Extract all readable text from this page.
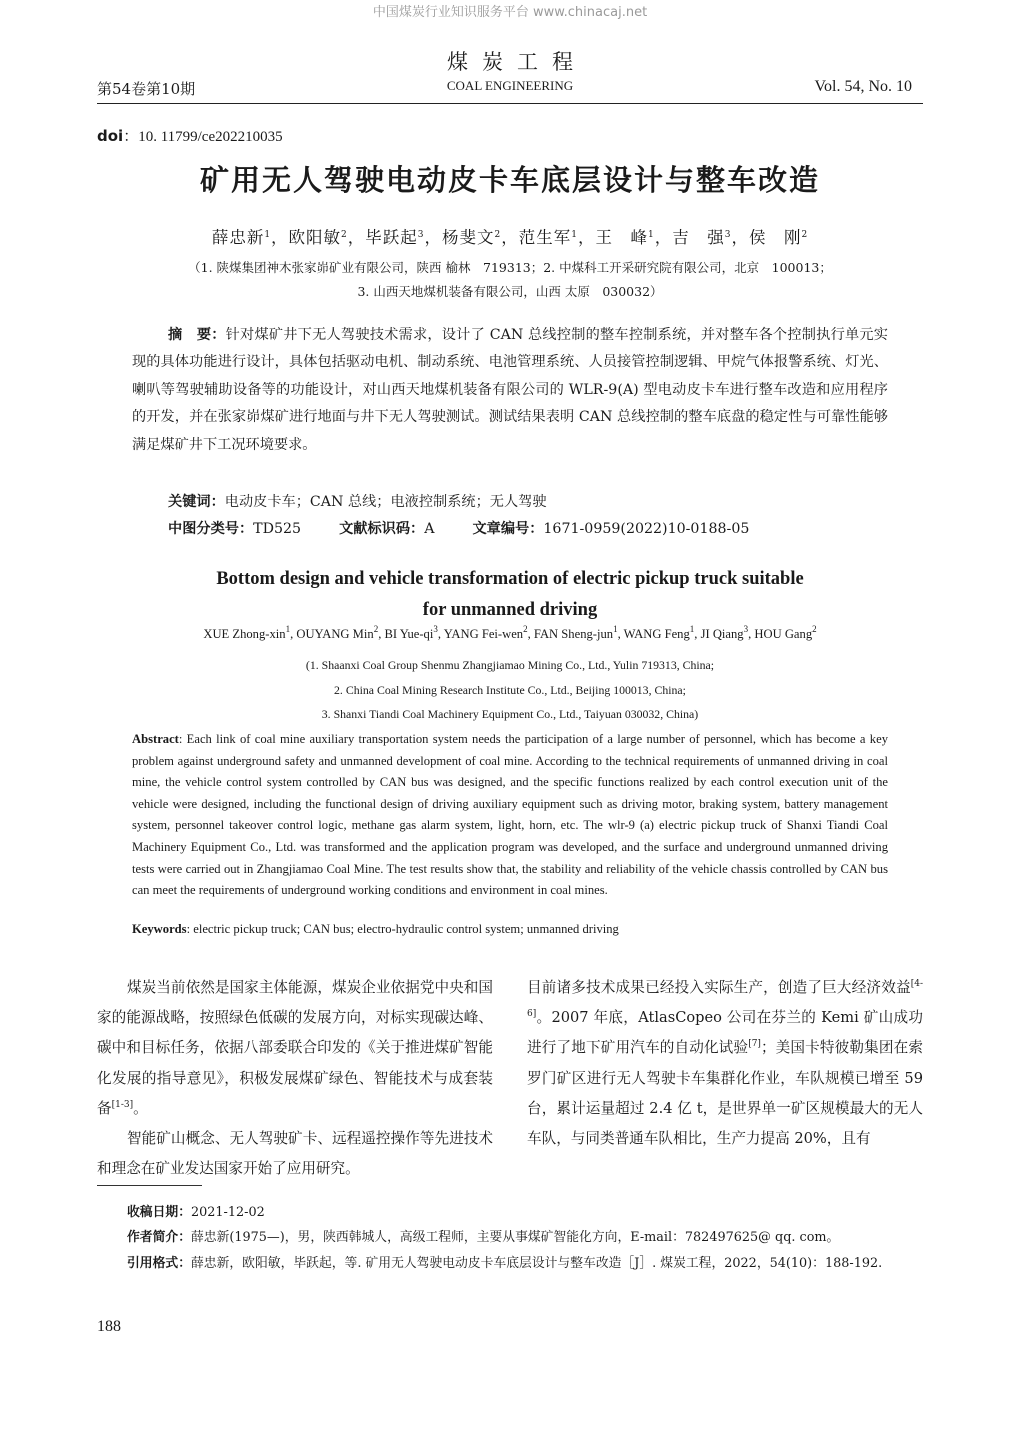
中国煤炭行业知识服务平台 www.chinacaj.net
煤炭工程
COAL ENGINEERING
第54卷第10期	Vol. 54, No. 10
doi：10. 11799/ce202210035
矿用无人驾驶电动皮卡车底层设计与整车改造
薛忠新$^1$，欧阳敏$^2$，毕跃起$^3$，杨斐文$^2$，范生军$^1$，王　峰$^1$，吉　强$^3$，侯　刚$^2$
（1. 陕煤集团神木张家峁矿业有限公司，陕西 榆林　719313；2. 中煤科工开采研究院有限公司，北京　100013；
3. 山西天地煤机装备有限公司，山西 太原　030032）
摘　要：针对煤矿井下无人驾驶技术需求，设计了 CAN 总线控制的整车控制系统，并对整车各个控制执行单元实现的具体功能进行设计，具体包括驱动电机、制动系统、电池管理系统、人员接管控制逻辑、甲烷气体报警系统、灯光、喇叭等驾驶辅助设备等的功能设计，对山西天地煤机装备有限公司的 WLR-9(A) 型电动皮卡车进行整车改造和应用程序的开发，并在张家峁煤矿进行地面与井下无人驾驶测试。测试结果表明 CAN 总线控制的整车底盘的稳定性与可靠性能够满足煤矿井下工况环境要求。
关键词：电动皮卡车；CAN 总线；电液控制系统；无人驾驶
中图分类号：TD525	文献标识码：A	文章编号：1671-0959(2022)10-0188-05
Bottom design and vehicle transformation of electric pickup truck suitable
for unmanned driving
XUE Zhong-xin$^1$, OUYANG Min$^2$, BI Yue-$qi^3$, YANG Fei-wen$^2$, FAN Sheng-jun$^1$, WANG Feng$^1$, JI Qiang$^3$, HOU Gang$^2$
(1. Shaanxi Coal Group Shenmu Zhangjiamao Mining Co., Ltd., Yulin 719313, China;
2. China Coal Mining Research Institute Co., Ltd., Beijing 100013, China;
3. Shanxi Tiandi Coal Machinery Equipment Co., Ltd., Taiyuan 030032, China)
Abstract: Each link of coal mine auxiliary transportation system needs the participation of a large number of personnel, which has become a key problem against underground safety and unmanned development of coal mine. According to the technical requirements of unmanned driving in coal mine, the vehicle control system controlled by CAN bus was designed, and the specific functions realized by each control execution unit of the vehicle were designed, including the functional design of driving auxiliary equipment such as driving motor, braking system, battery management system, personnel takeover control logic, methane gas alarm system, light, horn, etc. The wlr-9 (a) electric pickup truck of Shanxi Tiandi Coal Machinery Equipment Co., Ltd. was transformed and the application program was developed, and the surface and underground unmanned driving tests were carried out in Zhangjiamao Coal Mine. The test results show that, the stability and reliability of the vehicle chassis controlled by CAN bus can meet the requirements of underground working conditions and environment in coal mines.
Keywords: electric pickup truck; CAN bus; electro-hydraulic control system; unmanned driving

煤炭当前依然是国家主体能源，煤炭企业依据党中央和国家的能源战略，按照绿色低碳的发展方向，对标实现碳达峰、碳中和目标任务，依据八部委联合印发的《关于推进煤矿智能化发展的指导意见》，积极发展煤矿绿色、智能技术与成套装备[1-3]。

智能矿山概念、无人驾驶矿卡、远程遥控操作等先进技术和理念在矿业发达国家开始了应用研究。

目前诸多技术成果已经投入实际生产，创造了巨大经济效益[4-6]。2007 年底，AtlasCopeo 公司在芬兰的 Kemi 矿山成功进行了地下矿用汽车的自动化试验[7]；美国卡特彼勒集团在索罗门矿区进行无人驾驶卡车集群化作业，车队规模已增至 59 台，累计运量超过 2.4 亿 t，是世界单一矿区规模最大的无人车队，与同类普通车队相比，生产力提高 20%，且有

收稿日期：2021-12-02
作者简介：薛忠新(1975—)，男，陕西韩城人，高级工程师，主要从事煤矿智能化方向，E-mail：782497625@ qq. com。
引用格式：薛忠新，欧阳敏，毕跃起，等. 矿用无人驾驶电动皮卡车底层设计与整车改造［J］. 煤炭工程，2022，54(10)：188-192.
188
